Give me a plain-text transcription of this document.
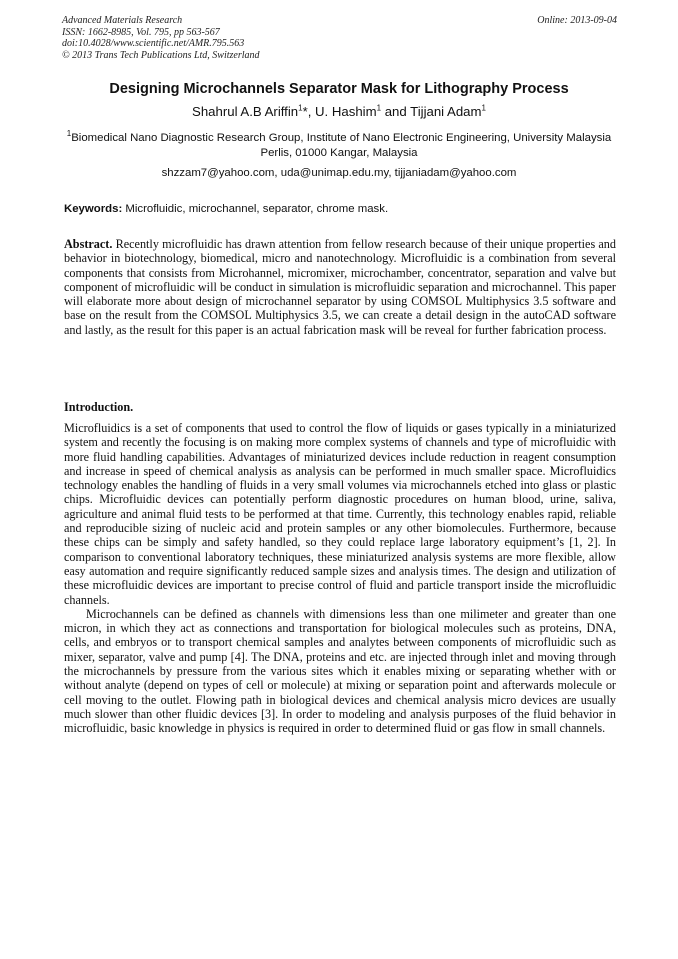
Advanced Materials Research
ISSN: 1662-8985, Vol. 795, pp 563-567
doi:10.4028/www.scientific.net/AMR.795.563
© 2013 Trans Tech Publications Ltd, Switzerland
Online: 2013-09-04
Designing Microchannels Separator Mask for Lithography Process
Shahrul A.B Ariffin$^1$*, U. Hashim$^1$ and Tijjani Adam$^1$
$^1$Biomedical Nano Diagnostic Research Group, Institute of Nano Electronic Engineering, University Malaysia Perlis, 01000 Kangar, Malaysia
shzzam7@yahoo.com, uda@unimap.edu.my, tijjaniadam@yahoo.com
Keywords: Microfluidic, microchannel, separator, chrome mask.
Abstract. Recently microfluidic has drawn attention from fellow research because of their unique properties and behavior in biotechnology, biomedical, micro and nanotechnology. Microfluidic is a combination from several components that consists from Microhannel, micromixer, microchamber, concentrator, separation and valve but component of microfluidic will be conduct in simulation is microfluidic separation and microchannel. This paper will elaborate more about design of microchannel separator by using COMSOL Multiphysics 3.5 software and base on the result from the COMSOL Multiphysics 3.5, we can create a detail design in the autoCAD software and lastly, as the result for this paper is an actual fabrication mask will be reveal for further fabrication process.
Introduction.

Microfluidics is a set of components that used to control the flow of liquids or gases typically in a miniaturized system and recently the focusing is on making more complex systems of channels and type of microfluidic with more fluid handling capabilities. Advantages of miniaturized devices include reduction in reagent consumption and increase in speed of chemical analysis as analysis can be performed in much smaller space. Microfluidics technology enables the handling of fluids in a very small volumes via microchannels etched into glass or plastic chips. Microfluidic devices can potentially perform diagnostic procedures on human blood, urine, saliva, agriculture and animal fluid tests to be performed at that time. Currently, this technology enables rapid, reliable and reproducible sizing of nucleic acid and protein samples or any other biomolecules. Furthermore, because these chips can be simply and safety handled, so they could replace large laboratory equipment’s [1, 2]. In comparison to conventional laboratory techniques, these miniaturized analysis systems are more flexible, allow easy automation and require significantly reduced sample sizes and analysis times. The design and utilization of these microfluidic devices are important to precise control of fluid and particle transport inside the microfluidic channels.

Microchannels can be defined as channels with dimensions less than one milimeter and greater than one micron, in which they act as connections and transportation for biological molecules such as proteins, DNA, cells, and embryos or to transport chemical samples and analytes between components of microfluidic such as mixer, separator, valve and pump [4]. The DNA, proteins and etc. are injected through inlet and moving through the microchannels by pressure from the various sites which it enables mixing or separating whether with or without analyte (depend on types of cell or molecule) at mixing or separation point and afterwards molecule or cell moving to the outlet. Flowing path in biological devices and chemical analysis micro devices are usually much slower than other fluidic devices [3]. In order to modeling and analysis purposes of the fluid behavior in microfluidic, basic knowledge in physics is required in order to determined fluid or gas flow in small channels.
